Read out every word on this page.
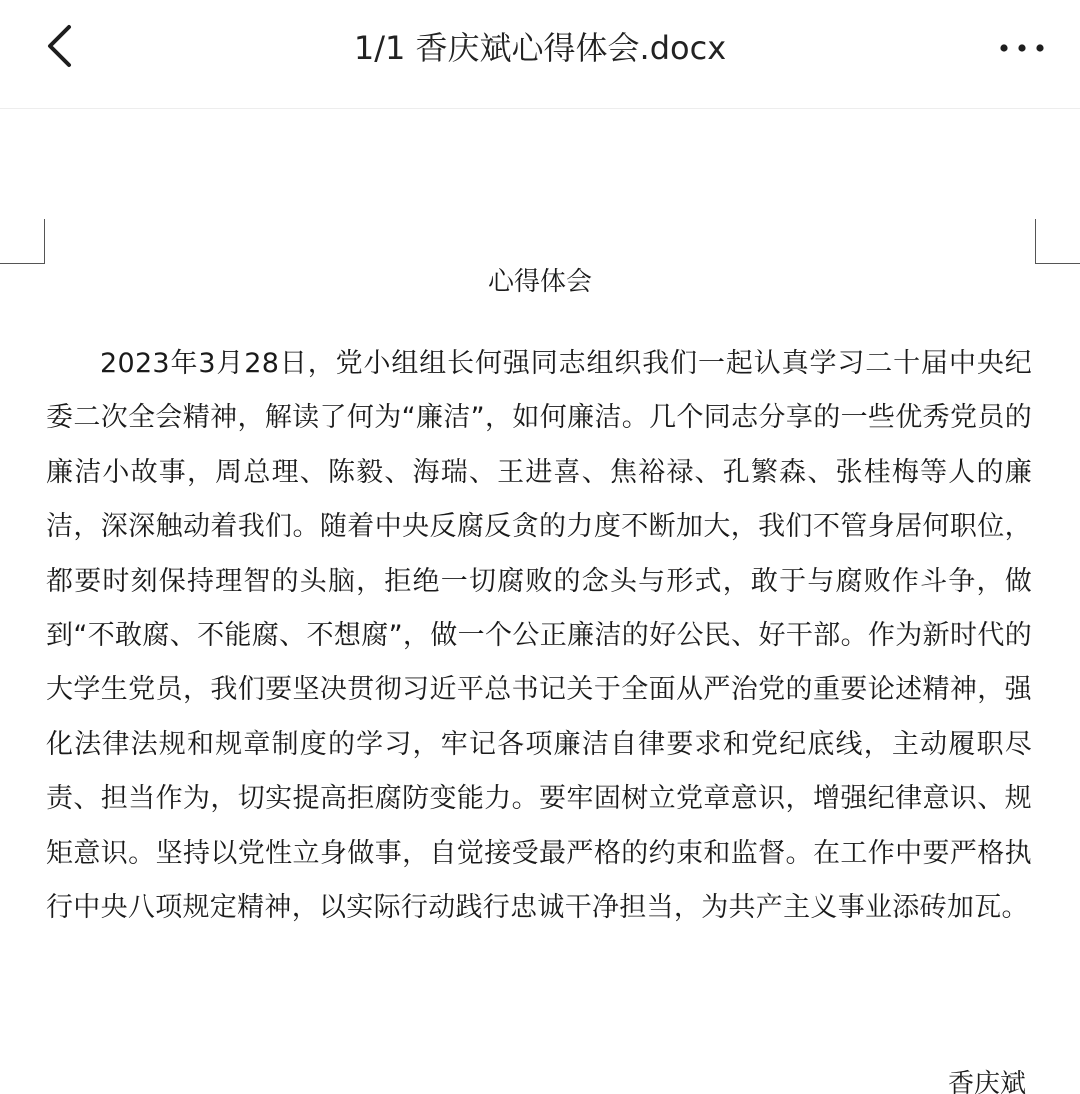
1/1 香庆斌心得体会.docx
心得体会

2023年3月28日，党小组组长何强同志组织我们一起认真学习二十届中央纪委二次全会精神，解读了何为“廉洁”，如何廉洁。几个同志分享的一些优秀党员的廉洁小故事，周总理、陈毅、海瑞、王进喜、焦裕禄、孔繁森、张桂梅等人的廉洁，深深触动着我们。随着中央反腐反贪的力度不断加大，我们不管身居何职位，都要时刻保持理智的头脑，拒绝一切腐败的念头与形式，敢于与腐败作斗争，做到“不敢腐、不能腐、不想腐”，做一个公正廉洁的好公民、好干部。作为新时代的大学生党员，我们要坚决贯彻习近平总书记关于全面从严治党的重要论述精神，强化法律法规和规章制度的学习，牢记各项廉洁自律要求和党纪底线，主动履职尽责、担当作为，切实提高拒腐防变能力。要牢固树立党章意识，增强纪律意识、规矩意识。坚持以党性立身做事，自觉接受最严格的约束和监督。在工作中要严格执行中央八项规定精神，以实际行动践行忠诚干净担当，为共产主义事业添砖加瓦。

香庆斌
